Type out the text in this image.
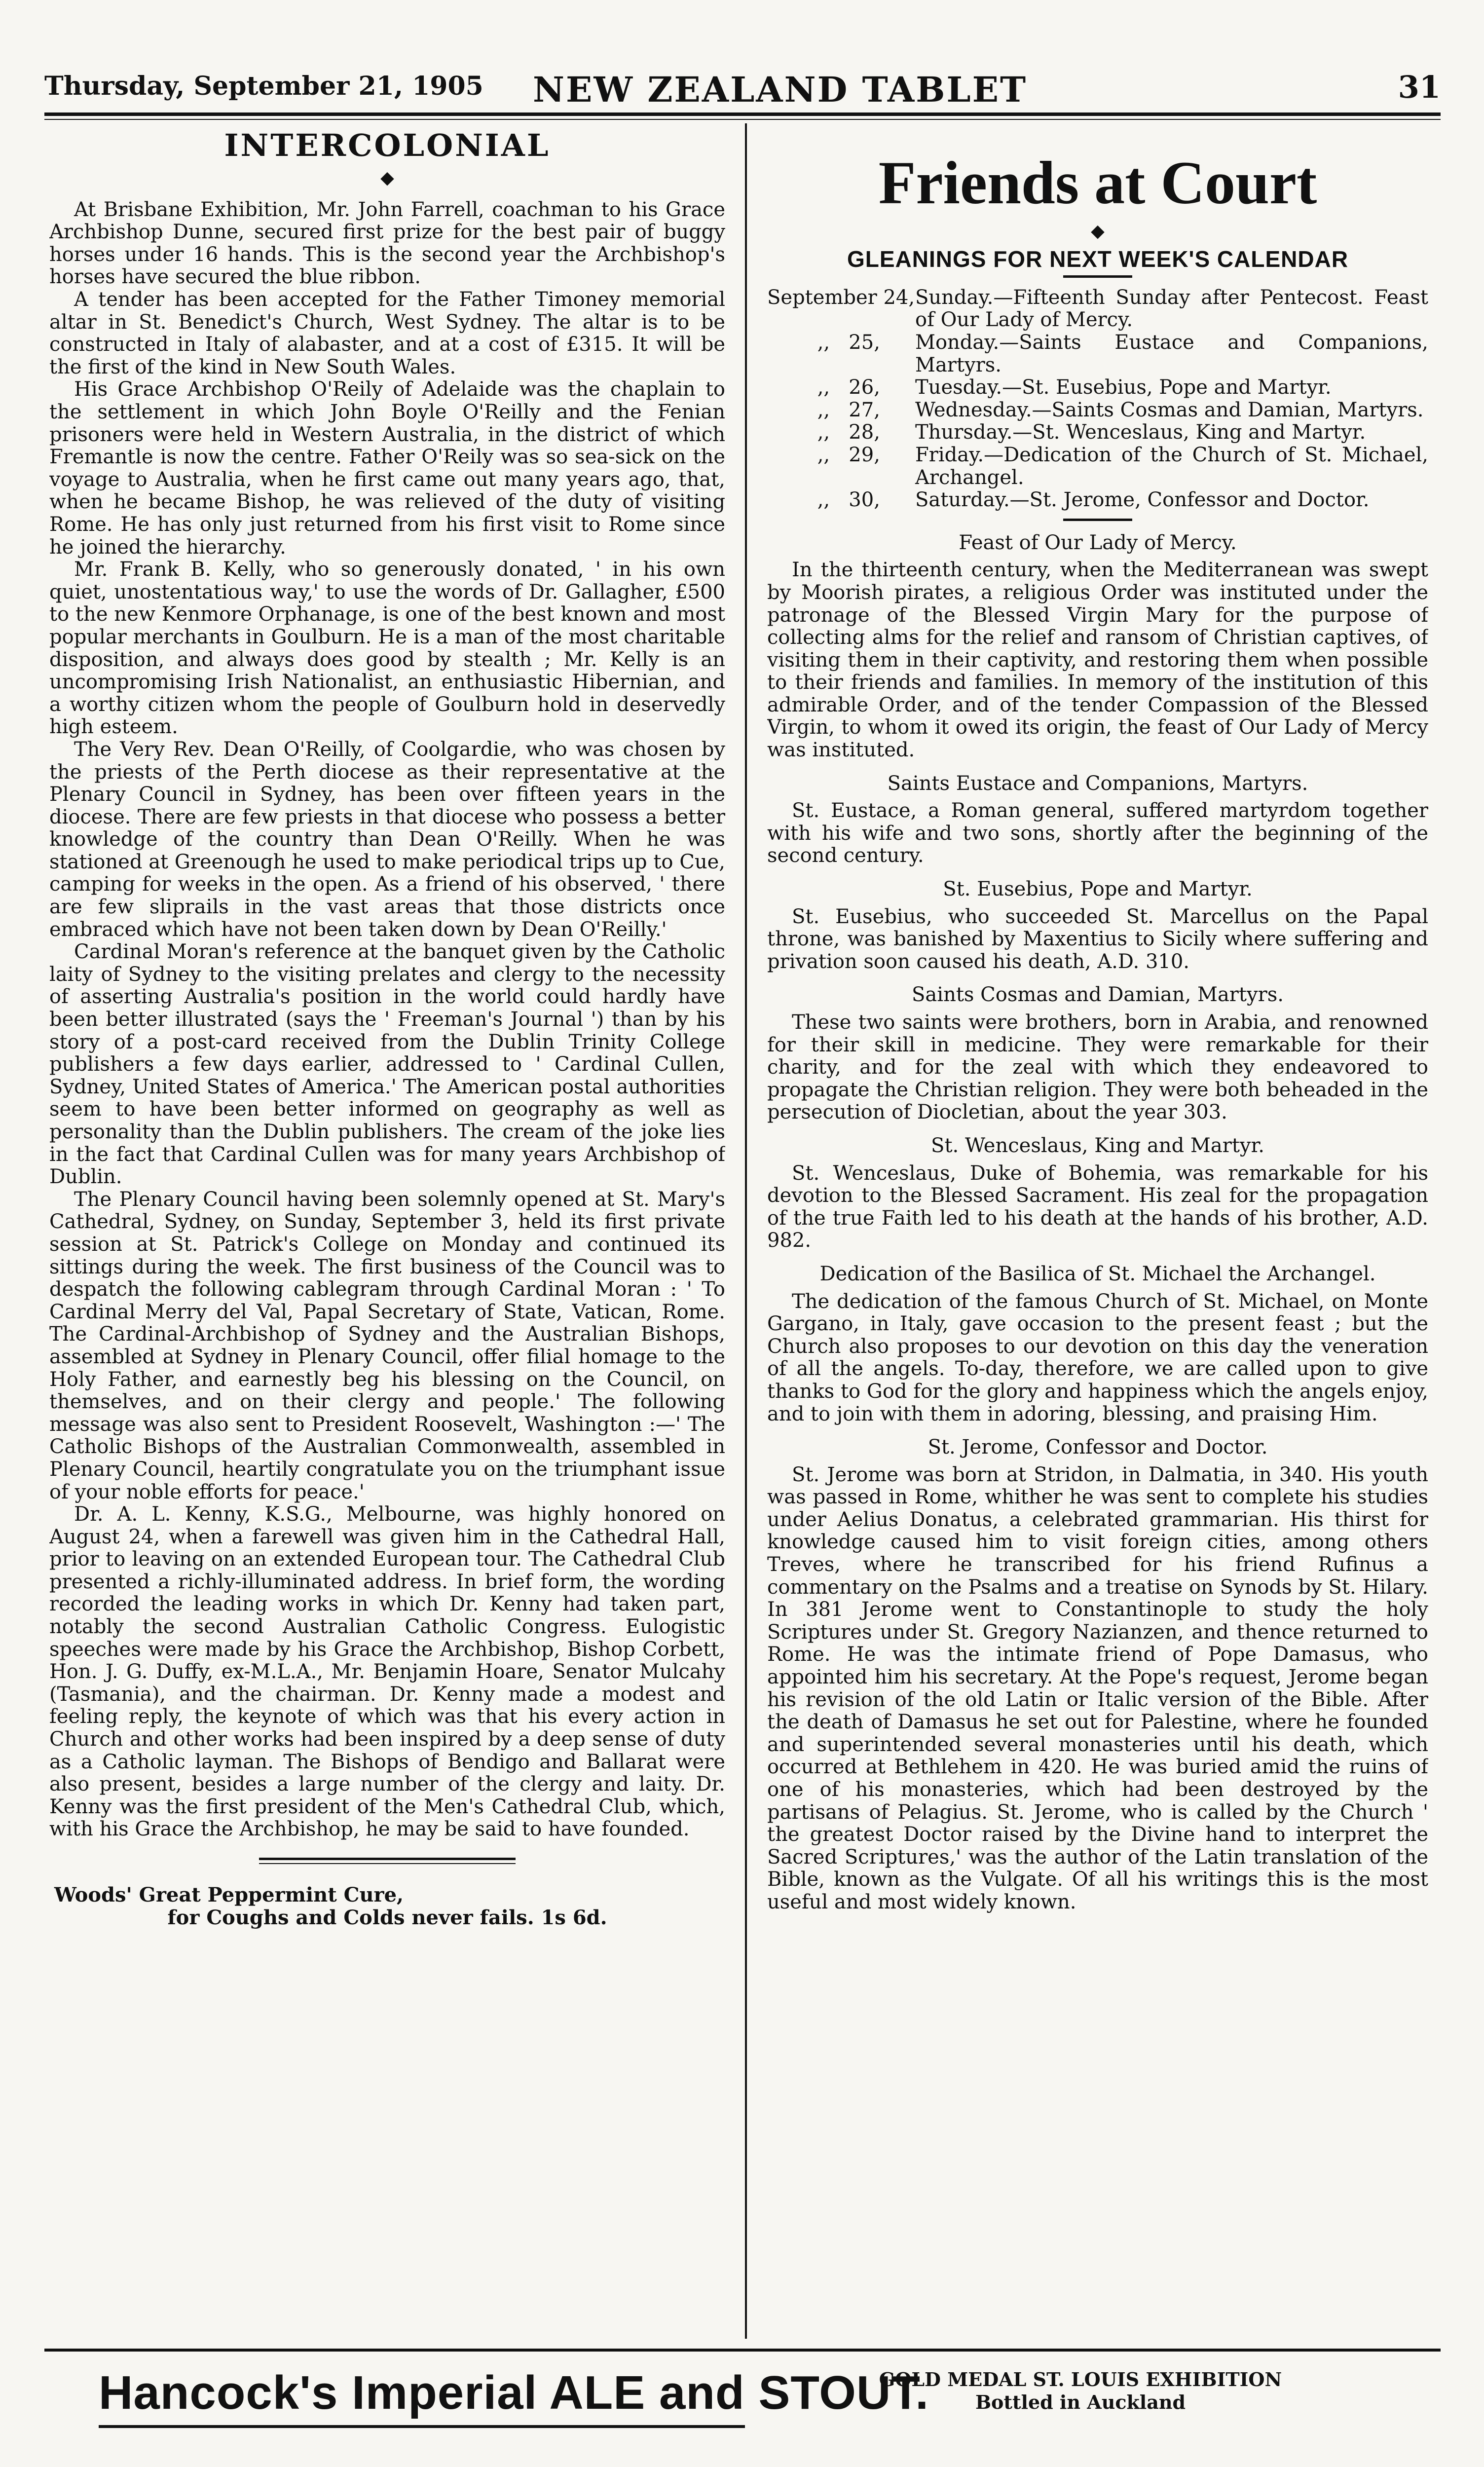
Thursday, September 21, 1905 NEW ZEALAND TABLET	31
INTERCOLONIAL
◆

At Brisbane Exhibition, Mr. John Farrell, coachman to his Grace Archbishop Dunne, secured first prize for the best pair of buggy horses under 16 hands. This is the second year the Archbishop's horses have secured the blue ribbon.

A tender has been accepted for the Father Timoney memorial altar in St. Benedict's Church, West Sydney. The altar is to be constructed in Italy of alabaster, and at a cost of £315. It will be the first of the kind in New South Wales.

His Grace Archbishop O'Reily of Adelaide was the chaplain to the settlement in which John Boyle O'Reilly and the Fenian prisoners were held in Western Australia, in the district of which Fremantle is now the centre. Father O'Reily was so sea-sick on the voyage to Australia, when he first came out many years ago, that, when he became Bishop, he was relieved of the duty of visiting Rome. He has only just returned from his first visit to Rome since he joined the hierarchy.

Mr. Frank B. Kelly, who so generously donated, ' in his own quiet, unostentatious way,' to use the words of Dr. Gallagher, £500 to the new Kenmore Orphanage, is one of the best known and most popular merchants in Goulburn. He is a man of the most charitable disposition, and always does good by stealth ; Mr. Kelly is an uncompromising Irish Nationalist, an enthusiastic Hibernian, and a worthy citizen whom the people of Goulburn hold in deservedly high esteem.

The Very Rev. Dean O'Reilly, of Coolgardie, who was chosen by the priests of the Perth diocese as their representative at the Plenary Council in Sydney, has been over fifteen years in the diocese. There are few priests in that diocese who possess a better knowledge of the country than Dean O'Reilly. When he was stationed at Greenough he used to make periodical trips up to Cue, camping for weeks in the open. As a friend of his observed, ' there are few sliprails in the vast areas that those districts once embraced which have not been taken down by Dean O'Reilly.'

Cardinal Moran's reference at the banquet given by the Catholic laity of Sydney to the visiting prelates and clergy to the necessity of asserting Australia's position in the world could hardly have been better illustrated (says the ' Freeman's Journal ') than by his story of a post-card received from the Dublin Trinity College publishers a few days earlier, addressed to ' Cardinal Cullen, Sydney, United States of America.' The American postal authorities seem to have been better informed on geography as well as personality than the Dublin publishers. The cream of the joke lies in the fact that Cardinal Cullen was for many years Archbishop of Dublin.

The Plenary Council having been solemnly opened at St. Mary's Cathedral, Sydney, on Sunday, September 3, held its first private session at St. Patrick's College on Monday and continued its sittings during the week. The first business of the Council was to despatch the following cablegram through Cardinal Moran : ' To Cardinal Merry del Val, Papal Secretary of State, Vatican, Rome. The Cardinal-Archbishop of Sydney and the Australian Bishops, assembled at Sydney in Plenary Council, offer filial homage to the Holy Father, and earnestly beg his blessing on the Council, on themselves, and on their clergy and people.' The following message was also sent to President Roosevelt, Washington :—' The Catholic Bishops of the Australian Commonwealth, assembled in Plenary Council, heartily congratulate you on the triumphant issue of your noble efforts for peace.'

Dr. A. L. Kenny, K.S.G., Melbourne, was highly honored on August 24, when a farewell was given him in the Cathedral Hall, prior to leaving on an extended European tour. The Cathedral Club presented a richly-illuminated address. In brief form, the wording recorded the leading works in which Dr. Kenny had taken part, notably the second Australian Catholic Congress. Eulogistic speeches were made by his Grace the Archbishop, Bishop Corbett, Hon. J. G. Duffy, ex-M.L.A., Mr. Benjamin Hoare, Senator Mulcahy (Tasmania), and the chairman. Dr. Kenny made a modest and feeling reply, the keynote of which was that his every action in Church and other works had been inspired by a deep sense of duty as a Catholic layman. The Bishops of Bendigo and Ballarat were also present, besides a large number of the clergy and laity. Dr. Kenny was the first president of the Men's Cathedral Club, which, with his Grace the Archbishop, he may be said to have founded.

Woods' Great Peppermint Cure,
for Coughs and Colds never fails. 1s 6d.
Friends at Court
◆
GLEANINGS FOR NEXT WEEK'S CALENDAR
September 24, Sunday.—Fifteenth Sunday after Pentecost. Feast of Our Lady of Mercy.
,,   25,	Monday.—Saints Eustace and Companions, Martyrs.
,,   26,	Tuesday.—St. Eusebius, Pope and Martyr.
,,   27,	Wednesday.—Saints Cosmas and Damian, Martyrs.
,,   28,	Thursday.—St. Wenceslaus, King and Martyr.
,,   29,	Friday.—Dedication of the Church of St. Michael, Archangel.
,,   30,	Saturday.—St. Jerome, Confessor and Doctor.
Feast of Our Lady of Mercy.

In the thirteenth century, when the Mediterranean was swept by Moorish pirates, a religious Order was instituted under the patronage of the Blessed Virgin Mary for the purpose of collecting alms for the relief and ransom of Christian captives, of visiting them in their captivity, and restoring them when possible to their friends and families. In memory of the institution of this admirable Order, and of the tender Compassion of the Blessed Virgin, to whom it owed its origin, the feast of Our Lady of Mercy was instituted.

Saints Eustace and Companions, Martyrs.

St. Eustace, a Roman general, suffered martyrdom together with his wife and two sons, shortly after the beginning of the second century.

St. Eusebius, Pope and Martyr.

St. Eusebius, who succeeded St. Marcellus on the Papal throne, was banished by Maxentius to Sicily where suffering and privation soon caused his death, A.D. 310.

Saints Cosmas and Damian, Martyrs.

These two saints were brothers, born in Arabia, and renowned for their skill in medicine. They were remarkable for their charity, and for the zeal with which they endeavored to propagate the Christian religion. They were both beheaded in the persecution of Diocletian, about the year 303.

St. Wenceslaus, King and Martyr.

St. Wenceslaus, Duke of Bohemia, was remarkable for his devotion to the Blessed Sacrament. His zeal for the propagation of the true Faith led to his death at the hands of his brother, A.D. 982.

Dedication of the Basilica of St. Michael the Archangel.

The dedication of the famous Church of St. Michael, on Monte Gargano, in Italy, gave occasion to the present feast ; but the Church also proposes to our devotion on this day the veneration of all the angels. To-day, therefore, we are called upon to give thanks to God for the glory and happiness which the angels enjoy, and to join with them in adoring, blessing, and praising Him.

St. Jerome, Confessor and Doctor.

St. Jerome was born at Stridon, in Dalmatia, in 340. His youth was passed in Rome, whither he was sent to complete his studies under Aelius Donatus, a celebrated grammarian. His thirst for knowledge caused him to visit foreign cities, among others Treves, where he transcribed for his friend Rufinus a commentary on the Psalms and a treatise on Synods by St. Hilary. In 381 Jerome went to Constantinople to study the holy Scriptures under St. Gregory Nazianzen, and thence returned to Rome. He was the intimate friend of Pope Damasus, who appointed him his secretary. At the Pope's request, Jerome began his revision of the old Latin or Italic version of the Bible. After the death of Damasus he set out for Palestine, where he founded and superintended several monasteries until his death, which occurred at Bethlehem in 420. He was buried amid the ruins of one of his monasteries, which had been destroyed by the partisans of Pelagius. St. Jerome, who is called by the Church ' the greatest Doctor raised by the Divine hand to interpret the Sacred Scriptures,' was the author of the Latin translation of the Bible, known as the Vulgate. Of all his writings this is the most useful and most widely known.

Hancock's Imperial ALE and STOUT.
GOLD MEDAL ST. LOUIS EXHIBITION
Bottled in Auckland
